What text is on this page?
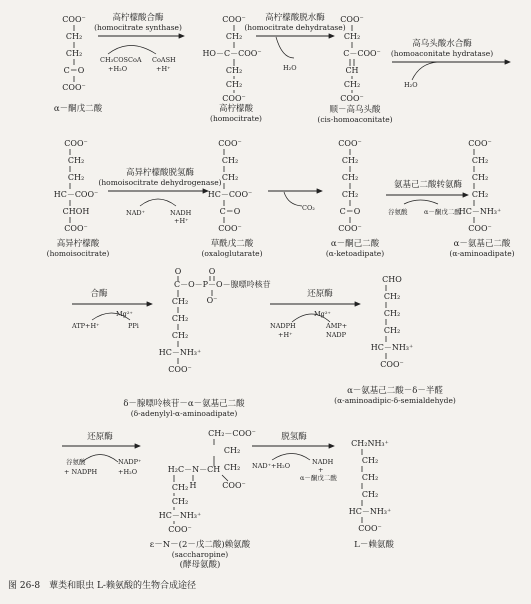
COO⁻
CH₂
CH₂
C＝O
COO⁻
α－酮戊二酸
高柠檬酸合酶
(homocitrate synthase)
CH₃COSCoA
+H₂O
CoASH
+H⁺
COO⁻
CH₂
HO－C－COO⁻
CH₂
CH₂
COO⁻
高柠檬酸
(homocitrate)
高柠檬酸脱水酶
(homocitrate dehydratase)
H₂O
COO⁻
CH₂
C－COO⁻
CH
CH₂
COO⁻
顺－高乌头酸
(cis-homoaconitate)
高乌头酸水合酶
(homoaconitate hydratase)
H₂O
COO⁻
CH₂
CH₂
HC－COO⁻
CHOH
COO⁻
高异柠檬酸
(homoisocitrate)
高异柠檬酸脱氢酶
(homoisocitrate dehydrogenase)
NAD⁺	NADH
+H⁺
COO⁻
CH₂
CH₂
HC－COO⁻
C＝O
COO⁻
草酰戊二酸
(oxaloglutarate)
CO₂
COO⁻
CH₂
CH₂
CH₂
C＝O
COO⁻
α－酮己二酸
(α-ketoadipate)
氨基己二酸转氨酶
谷氨酸	α－酮戊二酸
COO⁻
CH₂
CH₂
CH₂
HC－NH₃⁺
COO⁻
α－氨基己二酸
(α-aminoadipate)
合酶
Mg²⁺
ATP+H⁺	PPi
C－O－P－O－腺嘌呤核苷
O	O
O⁻
CH₂
CH₂
CH₂
HC－NH₃⁺
COO⁻
δ－腺嘌呤核苷－α－氨基己二酸
(δ-adenylyl-α-aminoadipate)
还原酶
Mg²⁺
NADPH
+H⁺
AMP+
NADP
CHO
CH₂
CH₂
CH₂
HC－NH₃⁺
COO⁻
α－氨基己二酸－δ－半醛
(α-aminoadipic-δ-semialdehyde)
还原酶
谷氨酸
+ NADPH
NADP⁺
+H₂O
CH₂－COO⁻
CH₂
CH₂
H₂C－N－CH
H	COO⁻
CH₂
CH₂
HC－NH₃⁺
COO⁻
ε－N－(2－戊二酸)赖氨酸
(saccharopine)
(酵母氨酸)
脱氢酶
NAD⁺+H₂O	NADH
+
α－酮戊二酸
CH₂NH₃⁺
CH₂
CH₂
CH₂
HC－NH₃⁺
COO⁻
L－赖氨酸
图 26-8　蕈类和眼虫 L-赖氨酸的生物合成途径
